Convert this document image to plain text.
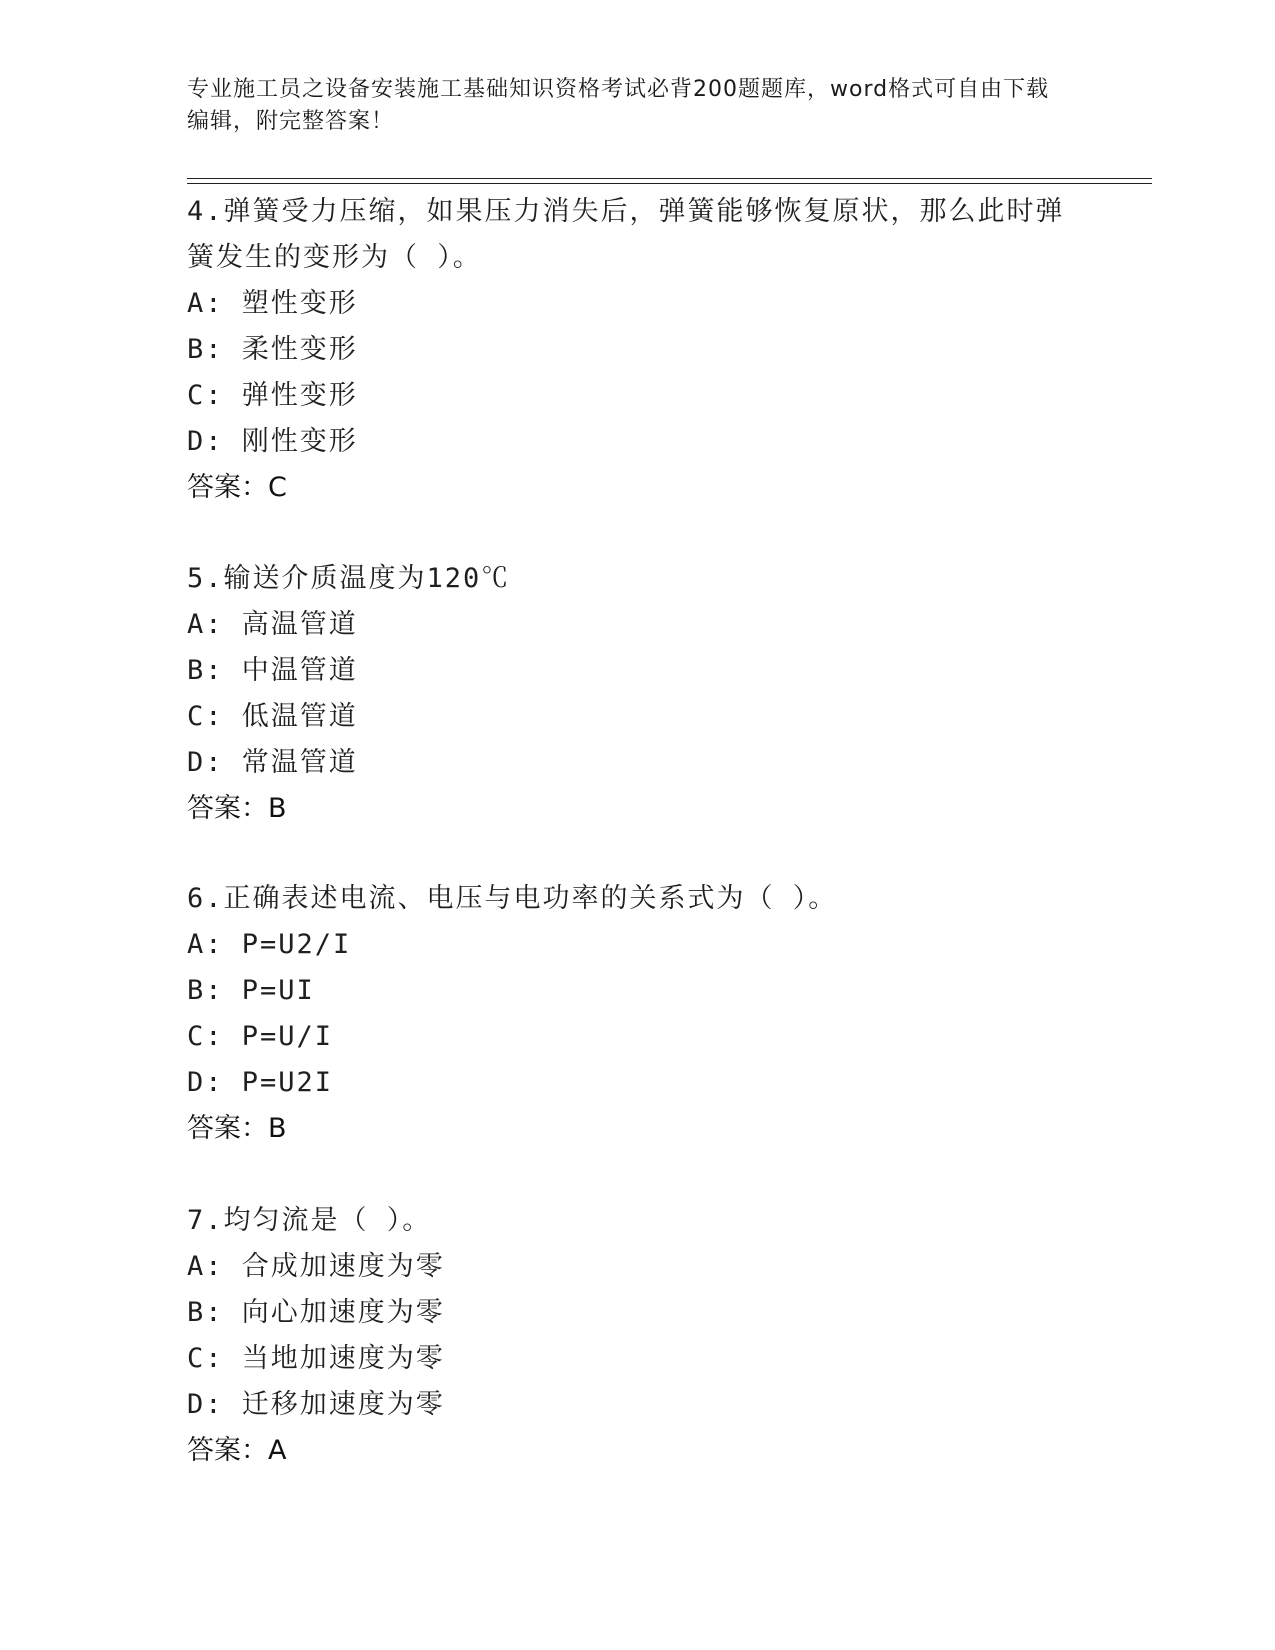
专业施工员之设备安装施工基础知识资格考试必背200题题库，word格式可自由下载编辑，附完整答案！

4.弹簧受力压缩，如果压力消失后，弹簧能够恢复原状，那么此时弹簧发生的变形为（ ）。

A: 塑性变形

B: 柔性变形

C: 弹性变形

D: 刚性变形

答案：C

5.输送介质温度为120℃

A: 高温管道

B: 中温管道

C: 低温管道

D: 常温管道

答案：B

6.正确表述电流、电压与电功率的关系式为（ ）。

A: P=U2/I

B: P=UI

C: P=U/I

D: P=U2I

答案：B

7.均匀流是（ ）。

A: 合成加速度为零

B: 向心加速度为零

C: 当地加速度为零

D: 迁移加速度为零

答案：A
